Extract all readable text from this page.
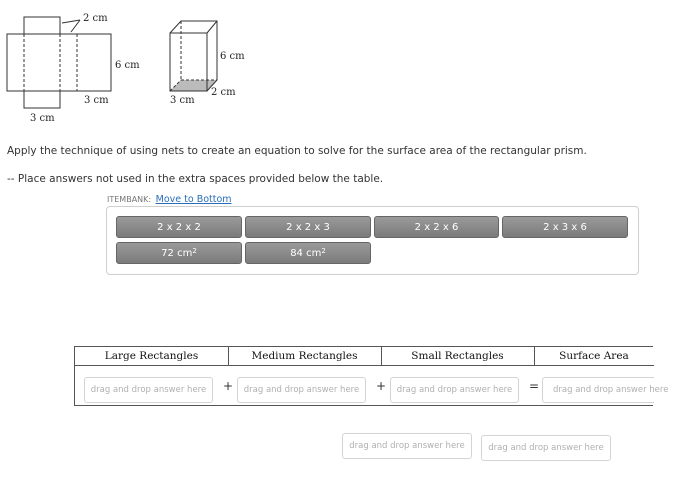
2 cm
6 cm
3 cm
3 cm
6 cm
2 cm
3 cm
Apply the technique of using nets to create an equation to solve for the surface area of the rectangular prism.
-- Place answers not used in the extra spaces provided below the table.
ITEMBANK: Move to Bottom
2 x 2 x 2	2 x 2 x 3	2 x 2 x 6	2 x 3 x 6
72 $cm^2$	84 $cm^2$
Large Rectangles	Medium Rectangles	Small Rectangles	Surface Area
drag and drop answer here	+	drag and drop answer here	+	drag and drop answer here	=	drag and drop answer here
drag and drop answer here	drag and drop answer here
